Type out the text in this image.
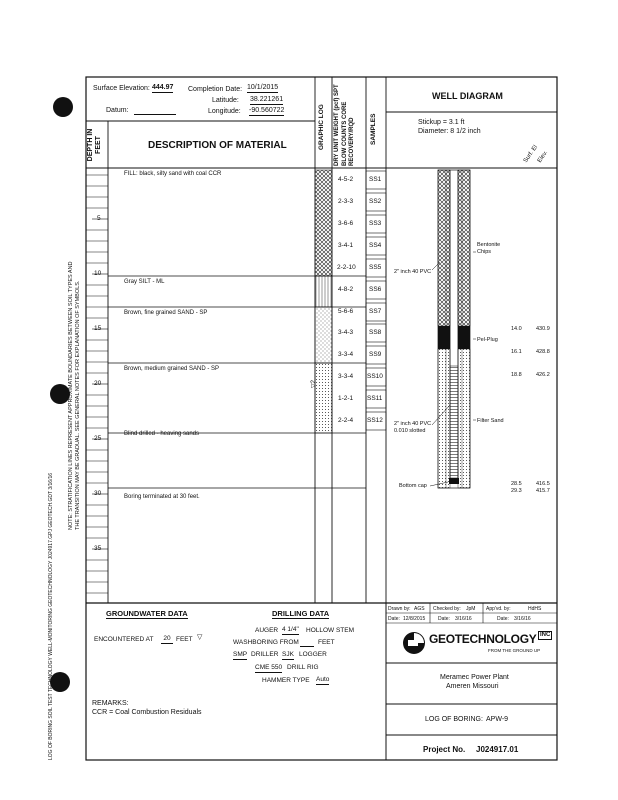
NOTE: STRATIFICATION LINES REPRESENT APPROXIMATE BOUNDARIES BETWEEN SOIL TYPES AND THE TRANSITION MAY BE GRADUAL. SEE GENERAL NOTES FOR EXPLANATION OF SYMBOLS.
LOG OF BORING SOIL TEST TECHNOLOGY WELL-MONITORING GEOTECHNOLOGY J024917.GPJ GEOTECH.GDT 3/16/16
Surface Elevation: 444.97
Datum:
Completion Date: 10/1/2015
Latitude: 38.221261
Longitude: -90.560722
DEPTH IN FEET	DESCRIPTION OF MATERIAL	GRAPHIC LOG DRY UNIT WEIGHT (pcf) SPT BLOW COUNTS CORE RECOVERY/RQD SAMPLES
WELL DIAGRAM
Stickup = 3.1 ft
Diameter: 8 1/2 inch
Surf. El
Elev.
5
10
15
20
25
30
35
FILL: black, silty sand with coal CCR
Gray SILT - ML
Brown, fine grained SAND - SP
Brown, medium grained SAND - SP
Blind drilled - heaving sands
Boring terminated at 30 feet.
▽2
4-5-2 SS1
2-3-3 SS2
3-6-6 SS3
3-4-1 SS4
2-2-10 SS5
4-8-2 SS6
5-6-6 SS7
3-4-3 SS8
3-3-4 SS9
3-3-4 SS10
1-2-1 SS11
2-2-4 SS12
Bentonite Chips
2" inch 40 PVC
Pel-Plug
2" inch 40 PVC 0.010 slotted
Filter Sand
Bottom cap
14.0	430.9
16.1	428.8
18.8	426.2
28.5	416.5
29.3	415.7
GROUNDWATER DATA
ENCOUNTERED AT	20 FEET ▽
DRILLING DATA
AUGER 4 1/4" HOLLOW STEM
WASHBORING FROM	FEET
SMP DRILLER SJK LOGGER
CME 550 DRILL RIG
HAMMER TYPE Auto
REMARKS:
CCR = Coal Combustion Residuals
Drawn by: AGS Checked by: JpM App'vd. by:	HdHS
Date: 12/8/2015	Date: 3/16/16	Date: 3/16/16
GEOTECHNOLOGY INC
FROM THE GROUND UP
Meramec Power Plant
Ameren Missouri
LOG OF BORING: APW-9
Project No. J024917.01
